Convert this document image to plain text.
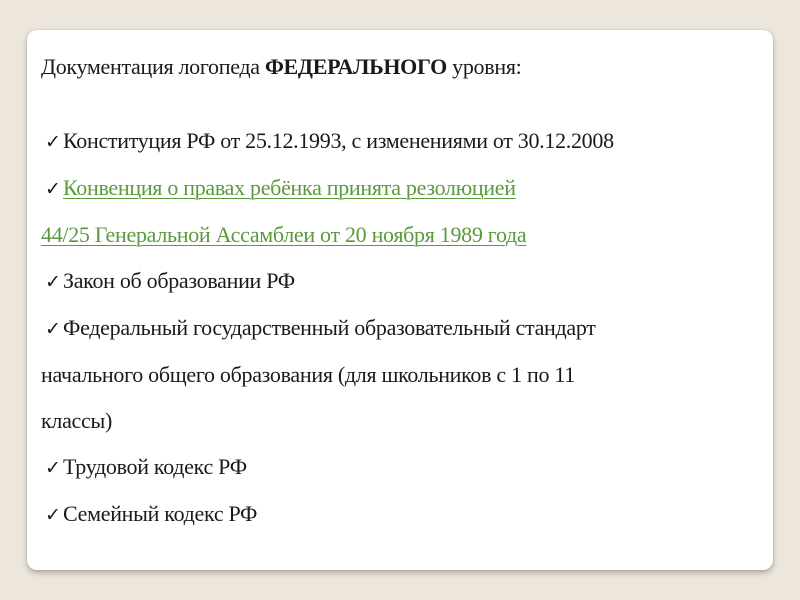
Документация логопеда ФЕДЕРАЛЬНОГО уровня:

✓ Конституция РФ от 25.12.1993, с изменениями от 30.12.2008

✓ Конвенция о правах ребёнка принята резолюцией
44/25 Генеральной Ассамблеи от 20 ноября 1989 года

✓ Закон об образовании РФ

✓ Федеральный государственный образовательный стандарт
начального общего образования (для школьников с 1 по 11
классы)

✓ Трудовой кодекс РФ

✓ Семейный кодекс РФ
